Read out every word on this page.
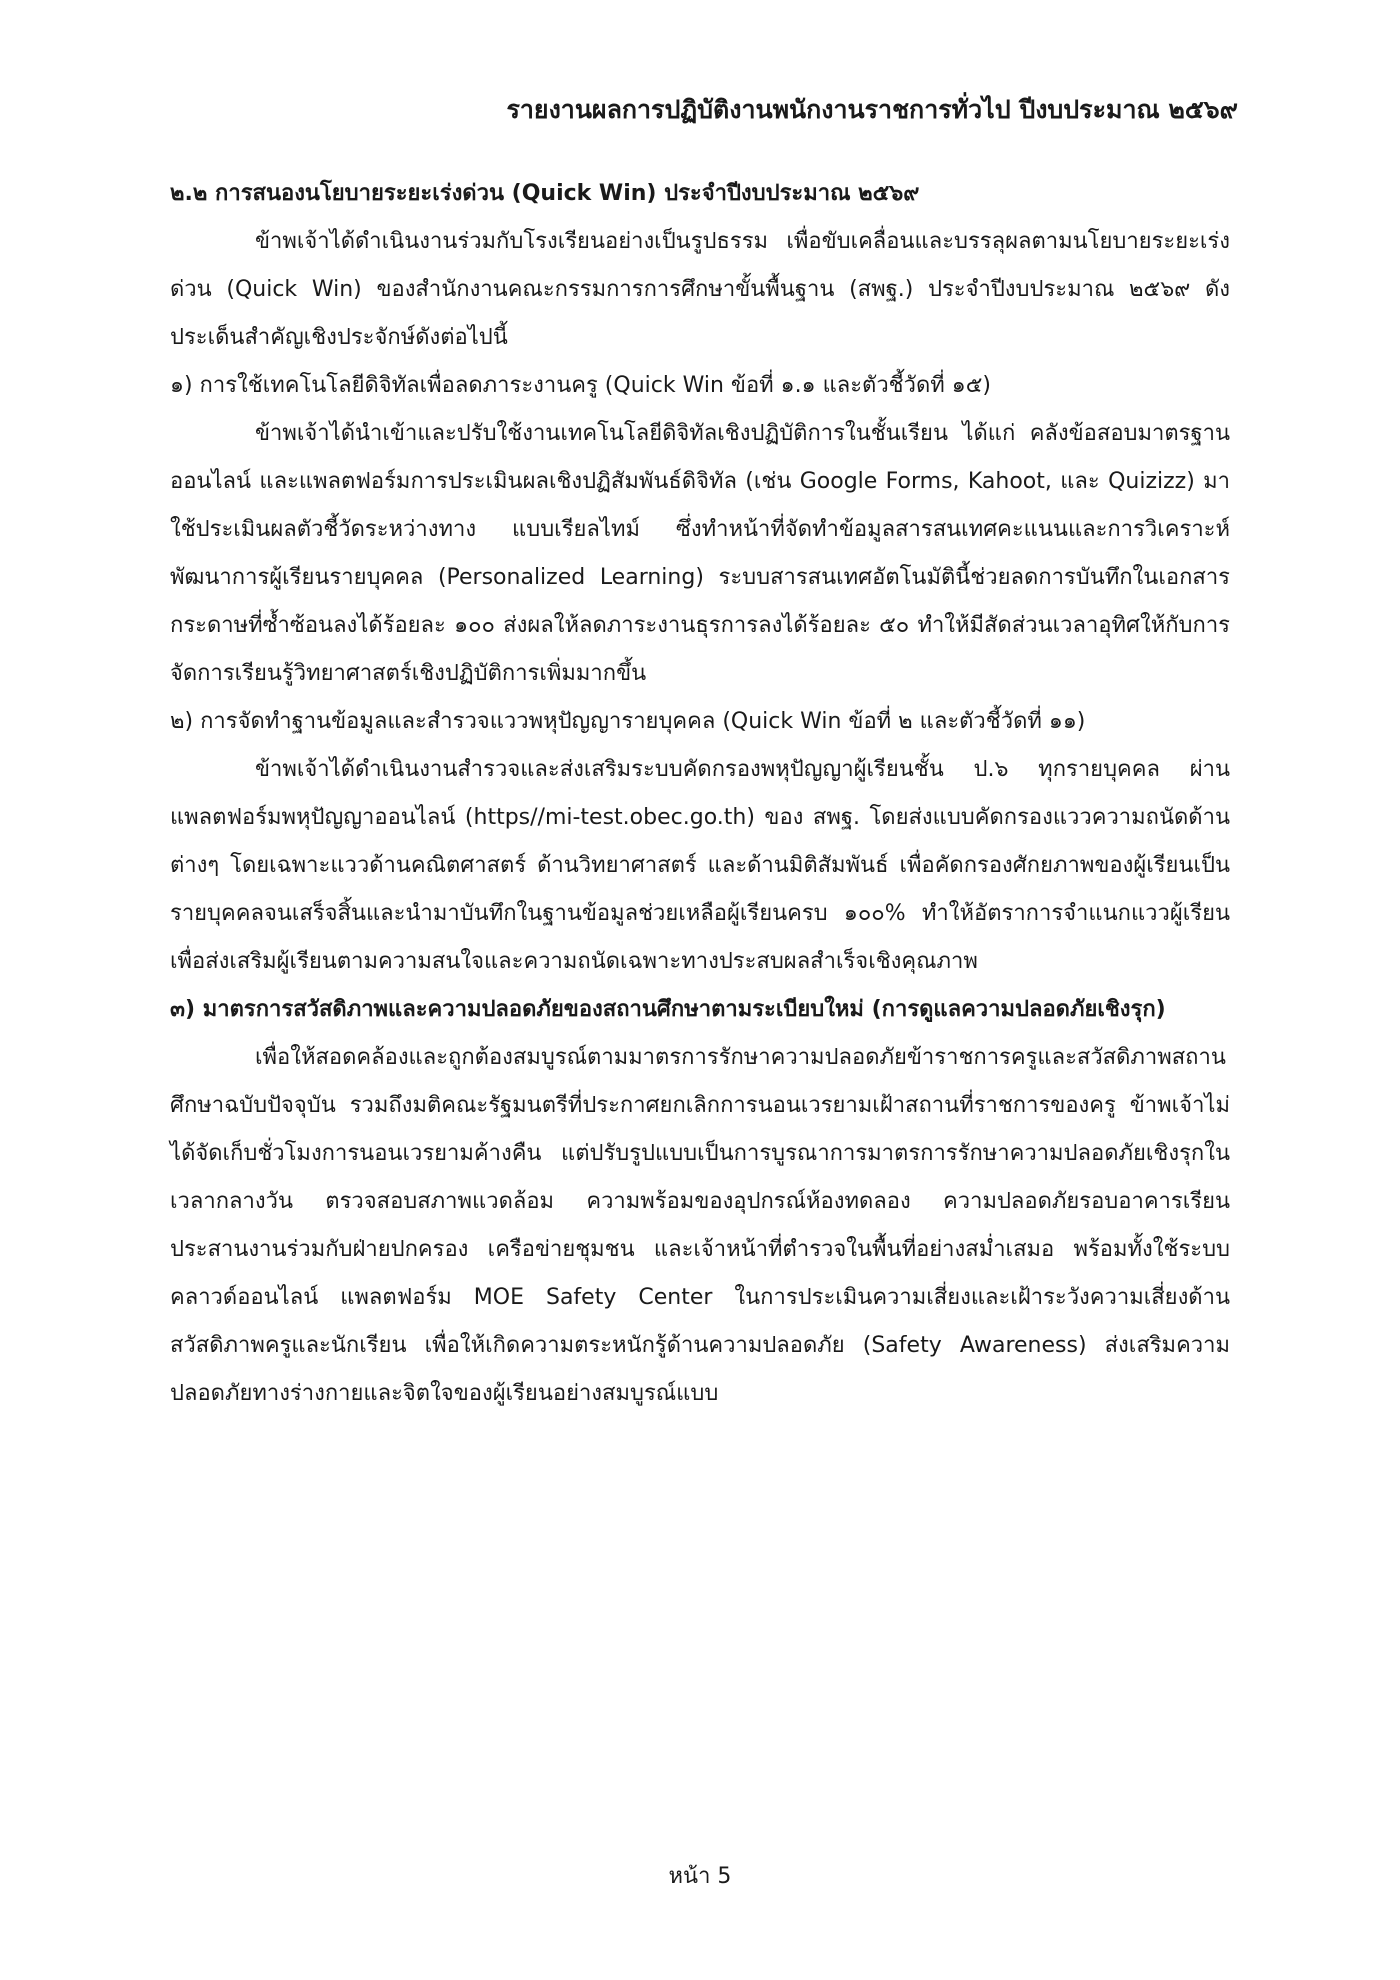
รายงานผลการปฏิบัติงานพนักงานราชการทั่วไป ปีงบประมาณ ๒๕๖๙

๒.๒ การสนองนโยบายระยะเร่งด่วน (Quick Win) ประจำปีงบประมาณ ๒๕๖๙

ข้าพเจ้าได้ดำเนินงานร่วมกับโรงเรียนอย่างเป็นรูปธรรม เพื่อขับเคลื่อนและบรรลุผลตามนโยบายระยะเร่งด่วน (Quick Win) ของสำนักงานคณะกรรมการการศึกษาขั้นพื้นฐาน (สพฐ.) ประจำปีงบประมาณ ๒๕๖๙ ดังประเด็นสำคัญเชิงประจักษ์ดังต่อไปนี้

๑) การใช้เทคโนโลยีดิจิทัลเพื่อลดภาระงานครู (Quick Win ข้อที่ ๑.๑ และตัวชี้วัดที่ ๑๕)

ข้าพเจ้าได้นำเข้าและปรับใช้งานเทคโนโลยีดิจิทัลเชิงปฏิบัติการในชั้นเรียน ได้แก่ คลังข้อสอบมาตรฐานออนไลน์ และแพลตฟอร์มการประเมินผลเชิงปฏิสัมพันธ์ดิจิทัล (เช่น Google Forms, Kahoot, และ Quizizz) มาใช้ประเมินผลตัวชี้วัดระหว่างทาง แบบเรียลไทม์ ซึ่งทำหน้าที่จัดทำข้อมูลสารสนเทศคะแนนและการวิเคราะห์พัฒนาการผู้เรียนรายบุคคล (Personalized Learning) ระบบสารสนเทศอัตโนมัตินี้ช่วยลดการบันทึกในเอกสารกระดาษที่ซ้ำซ้อนลงได้ร้อยละ ๑๐๐ ส่งผลให้ลดภาระงานธุรการลงได้ร้อยละ ๕๐ ทำให้มีสัดส่วนเวลาอุทิศให้กับการจัดการเรียนรู้วิทยาศาสตร์เชิงปฏิบัติการเพิ่มมากขึ้น

๒) การจัดทำฐานข้อมูลและสำรวจแววพหุปัญญารายบุคคล (Quick Win ข้อที่ ๒ และตัวชี้วัดที่ ๑๑)

ข้าพเจ้าได้ดำเนินงานสำรวจและส่งเสริมระบบคัดกรองพหุปัญญาผู้เรียนชั้น ป.๖ ทุกรายบุคคล ผ่านแพลตฟอร์มพหุปัญญาออนไลน์ (https//mi-test.obec.go.th) ของ สพฐ. โดยส่งแบบคัดกรองแววความถนัดด้านต่างๆ โดยเฉพาะแววด้านคณิตศาสตร์ ด้านวิทยาศาสตร์ และด้านมิติสัมพันธ์ เพื่อคัดกรองศักยภาพของผู้เรียนเป็นรายบุคคลจนเสร็จสิ้นและนำมาบันทึกในฐานข้อมูลช่วยเหลือผู้เรียนครบ ๑๐๐% ทำให้อัตราการจำแนกแววผู้เรียนเพื่อส่งเสริมผู้เรียนตามความสนใจและความถนัดเฉพาะทางประสบผลสำเร็จเชิงคุณภาพ

๓) มาตรการสวัสดิภาพและความปลอดภัยของสถานศึกษาตามระเบียบใหม่ (การดูแลความปลอดภัยเชิงรุก)

เพื่อให้สอดคล้องและถูกต้องสมบูรณ์ตามมาตรการรักษาความปลอดภัยข้าราชการครูและสวัสดิภาพสถานศึกษาฉบับปัจจุบัน รวมถึงมติคณะรัฐมนตรีที่ประกาศยกเลิกการนอนเวรยามเฝ้าสถานที่ราชการของครู ข้าพเจ้าไม่ได้จัดเก็บชั่วโมงการนอนเวรยามค้างคืน แต่ปรับรูปแบบเป็นการบูรณาการมาตรการรักษาความปลอดภัยเชิงรุกในเวลากลางวัน ตรวจสอบสภาพแวดล้อม ความพร้อมของอุปกรณ์ห้องทดลอง ความปลอดภัยรอบอาคารเรียน ประสานงานร่วมกับฝ่ายปกครอง เครือข่ายชุมชน และเจ้าหน้าที่ตำรวจในพื้นที่อย่างสม่ำเสมอ พร้อมทั้งใช้ระบบคลาวด์ออนไลน์ แพลตฟอร์ม MOE Safety Center ในการประเมินความเสี่ยงและเฝ้าระวังความเสี่ยงด้านสวัสดิภาพครูและนักเรียน เพื่อให้เกิดความตระหนักรู้ด้านความปลอดภัย (Safety Awareness) ส่งเสริมความปลอดภัยทางร่างกายและจิตใจของผู้เรียนอย่างสมบูรณ์แบบ

หน้า 5
